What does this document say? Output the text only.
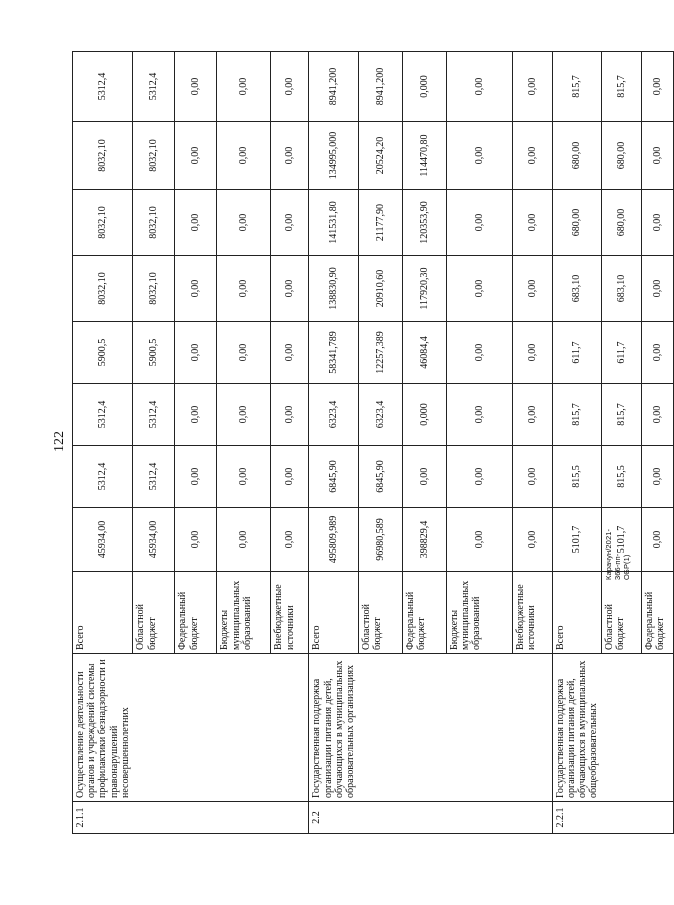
122
2.1.1	Осуществление деятельности органов и учреждений системы профилактики безнадзорности и правонарушений несовершеннолетних	Всего	45934,00	5312,4	5312,4	5900,5	8032,10	8032,10	8032,10	5312,4
		Областной бюджет	45934,00	5312,4	5312,4	5900,5	8032,10	8032,10	8032,10	5312,4
		Федеральный бюджет	0,00	0,00	0,00	0,00	0,00	0,00	0,00	0,00
		Бюджеты муниципальных образований	0,00	0,00	0,00	0,00	0,00	0,00	0,00	0,00
		Внебюджетные источники	0,00	0,00	0,00	0,00	0,00	0,00	0,00	0,00
2.2	Государственная поддержка организации питания детей, обучающихся в муниципальных образовательных организациях	Всего	495809,989	6845,90	6323,4	58341,789	138830,90	141531,80	134995,000	8941,200
		Областной бюджет	96980,589	6845,90	6323,4	12257,389	20910,60	21177,90	20524,20	8941,200
		Федеральный бюджет	398829,4	0,00	0,000	46084,4	117920,30	120353,90	114470,80	0,000
		Бюджеты муниципальных образований	0,00	0,00	0,00	0,00	0,00	0,00	0,00	0,00
		Внебюджетные источники	0,00	0,00	0,00	0,00	0,00	0,00	0,00	0,00
2.2.1	Государственная поддержка организации питания детей, обучающихся в муниципальных общеобразовательных	Всего	5101,7	815,5	815,7	611,7	683,10	680,00	680,00	815,7
		Областной бюджет	5101,7	815,5	815,7	611,7	683,10	680,00	680,00	815,7
		Федеральный бюджет	0,00	0,00	0,00	0,00	0,00	0,00	0,00	0,00
Карачун/2021-366-пп-ОБР(1)
